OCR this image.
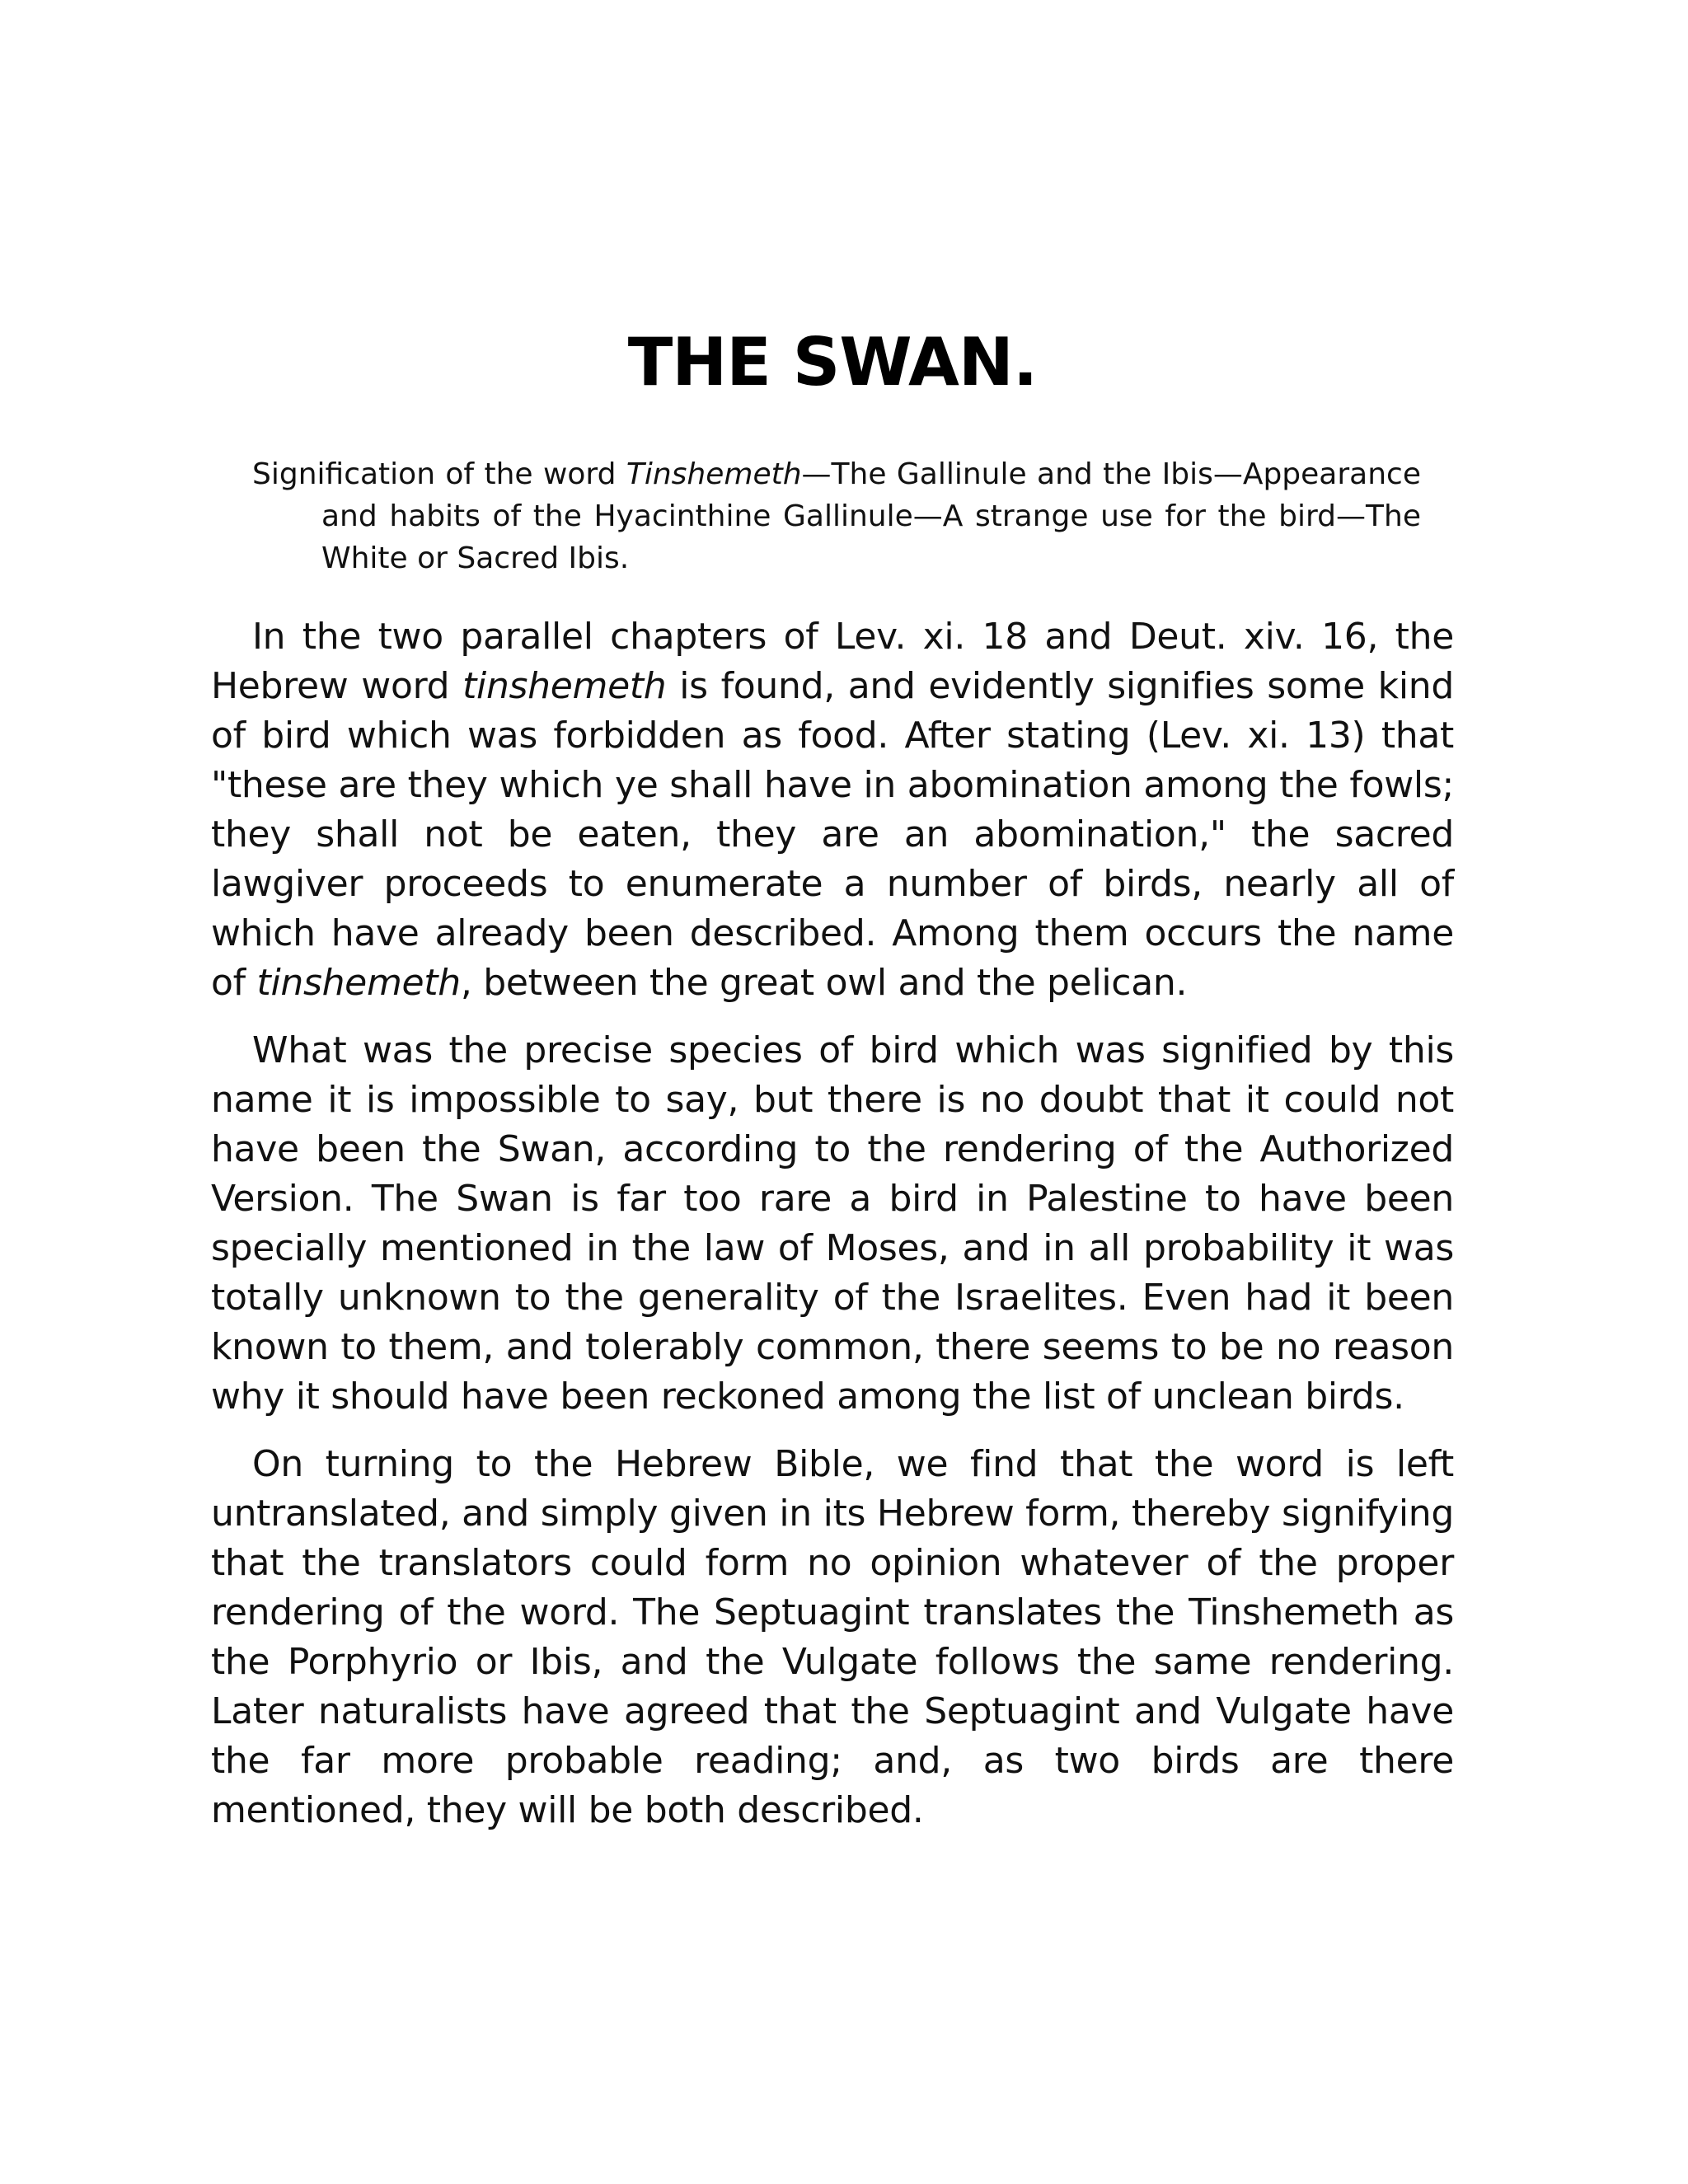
THE SWAN.

Signification of the word Tinshemeth—The Gallinule and the Ibis—Appearance and habits of the Hyacinthine Gallinule—A strange use for the bird—The White or Sacred Ibis.

In the two parallel chapters of Lev. xi. 18 and Deut. xiv. 16, the Hebrew word tinshemeth is found, and evidently signifies some kind of bird which was forbidden as food. After stating (Lev. xi. 13) that "these are they which ye shall have in abomination among the fowls; they shall not be eaten, they are an abomination," the sacred lawgiver proceeds to enumerate a number of birds, nearly all of which have already been described. Among them occurs the name of tinshemeth, between the great owl and the pelican.

What was the precise species of bird which was signified by this name it is impossible to say, but there is no doubt that it could not have been the Swan, according to the rendering of the Authorized Version. The Swan is far too rare a bird in Palestine to have been specially mentioned in the law of Moses, and in all probability it was totally unknown to the generality of the Israelites. Even had it been known to them, and tolerably common, there seems to be no reason why it should have been reckoned among the list of unclean birds.

On turning to the Hebrew Bible, we find that the word is left untranslated, and simply given in its Hebrew form, thereby signifying that the translators could form no opinion whatever of the proper rendering of the word. The Septuagint translates the Tinshemeth as the Porphyrio or Ibis, and the Vulgate follows the same rendering. Later naturalists have agreed that the Septuagint and Vulgate have the far more probable reading; and, as two birds are there mentioned, they will be both described.
